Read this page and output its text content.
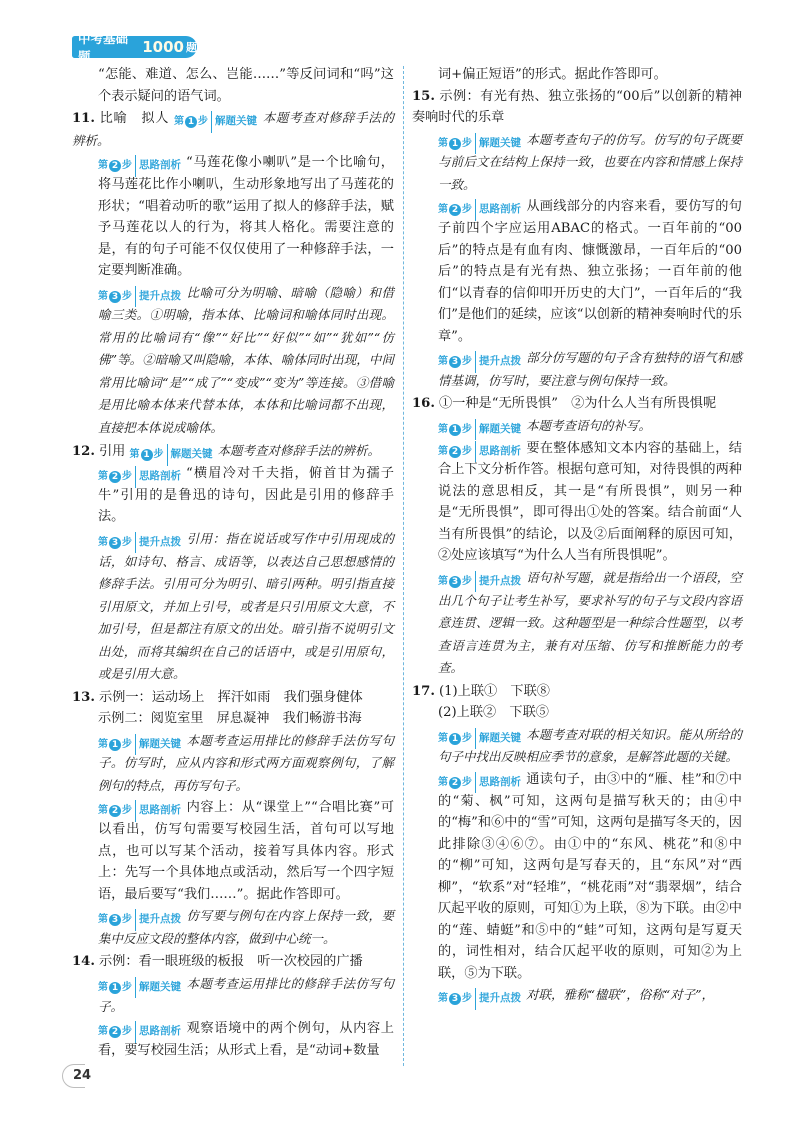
中考基础题
1000 题

“怎能、难道、怎么、岂能……”等反问词和“吗”这个表示疑问的语气词。

11. 比喻　拟人 第 1 步 解题关键 本题考查对修辞手法的辨析。

第 2 步 思路剖析 “马莲花像小喇叭”是一个比喻句，将马莲花比作小喇叭，生动形象地写出了马莲花的形状；“唱着动听的歌”运用了拟人的修辞手法，赋予马莲花以人的行为，将其人格化。需要注意的是，有的句子可能不仅仅使用了一种修辞手法，一定要判断准确。

第 3 步 提升点拨 比喻可分为明喻、暗喻（隐喻）和借喻三类。①明喻，指本体、比喻词和喻体同时出现。常用的比喻词有“像”“好比”“好似”“如”“犹如”“仿佛”等。②暗喻又叫隐喻，本体、喻体同时出现，中间常用比喻词“是”“成了”“变成”“变为”等连接。③借喻是用比喻本体来代替本体，本体和比喻词都不出现，直接把本体说成喻体。

12. 引用 第 1 步 解题关键 本题考查对修辞手法的辨析。

第 2 步 思路剖析 “横眉冷对千夫指，俯首甘为孺子牛”引用的是鲁迅的诗句，因此是引用的修辞手法。

第 3 步 提升点拨 引用：指在说话或写作中引用现成的话，如诗句、格言、成语等，以表达自己思想感情的修辞手法。引用可分为明引、暗引两种。明引指直接引用原文，并加上引号，或者是只引用原文大意，不加引号，但是都注有原文的出处。暗引指不说明引文出处，而将其编织在自己的话语中，或是引用原句，或是引用大意。

13. 示例一：运动场上　挥汗如雨　我们强身健体

示例二：阅览室里　屏息凝神　我们畅游书海

第 1 步 解题关键 本题考查运用排比的修辞手法仿写句子。仿写时，应从内容和形式两方面观察例句，了解例句的特点，再仿写句子。

第 2 步 思路剖析 内容上：从“课堂上”“合唱比赛”可以看出，仿写句需要写校园生活，首句可以写地点，也可以写某个活动，接着写具体内容。形式上：先写一个具体地点或活动，然后写一个四字短语，最后要写“我们……”。据此作答即可。

第 3 步 提升点拨 仿写要与例句在内容上保持一致，要集中反应文段的整体内容，做到中心统一。

14. 示例：看一眼班级的板报　听一次校园的广播

第 1 步 解题关键 本题考查运用排比的修辞手法仿写句子。

第 2 步 思路剖析 观察语境中的两个例句，从内容上看，要写校园生活；从形式上看，是“动词+数量

词+偏正短语”的形式。据此作答即可。

15. 示例：有光有热、独立张扬的“00后”以创新的精神奏响时代的乐章

第 1 步 解题关键 本题考查句子的仿写。仿写的句子既要与前后文在结构上保持一致，也要在内容和情感上保持一致。

第 2 步 思路剖析 从画线部分的内容来看，要仿写的句子前四个字应运用ABAC的格式。一百年前的“00后”的特点是有血有肉、慷慨激昂，一百年后的“00后”的特点是有光有热、独立张扬；一百年前的他们“以青春的信仰叩开历史的大门”，一百年后的“我们”是他们的延续，应该“以创新的精神奏响时代的乐章”。

第 3 步 提升点拨 部分仿写题的句子含有独特的语气和感情基调，仿写时，要注意与例句保持一致。

16. ①一种是“无所畏惧”　②为什么人当有所畏惧呢

第 1 步 解题关键 本题考查语句的补写。

第 2 步 思路剖析 要在整体感知文本内容的基础上，结合上下文分析作答。根据句意可知，对待畏惧的两种说法的意思相反，其一是“有所畏惧”，则另一种是“无所畏惧”，即可得出①处的答案。结合前面“人当有所畏惧”的结论，以及②后面阐释的原因可知，②处应该填写“为什么人当有所畏惧呢”。

第 3 步 提升点拨 语句补写题，就是指给出一个语段，空出几个句子让考生补写，要求补写的句子与文段内容语意连贯、逻辑一致。这种题型是一种综合性题型，以考查语言连贯为主，兼有对压缩、仿写和推断能力的考查。

17. (1)上联①　下联⑧

(2)上联②　下联⑤

第 1 步 解题关键 本题考查对联的相关知识。能从所给的句子中找出反映相应季节的意象，是解答此题的关键。

第 2 步 思路剖析 通读句子，由③中的“雁、桂”和⑦中的“菊、枫”可知，这两句是描写秋天的；由④中的“梅”和⑥中的“雪”可知，这两句是描写冬天的，因此排除③④⑥⑦。由①中的“东风、桃花”和⑧中的“柳”可知，这两句是写春天的，且“东风”对“西柳”，“软系”对“轻堆”，“桃花雨”对“翡翠烟”，结合仄起平收的原则，可知①为上联，⑧为下联。由②中的“莲、蜻蜓”和⑤中的“蛙”可知，这两句是写夏天的，词性相对，结合仄起平收的原则，可知②为上联，⑤为下联。

第 3 步 提升点拨 对联，雅称“楹联”，俗称“对子”，

24
